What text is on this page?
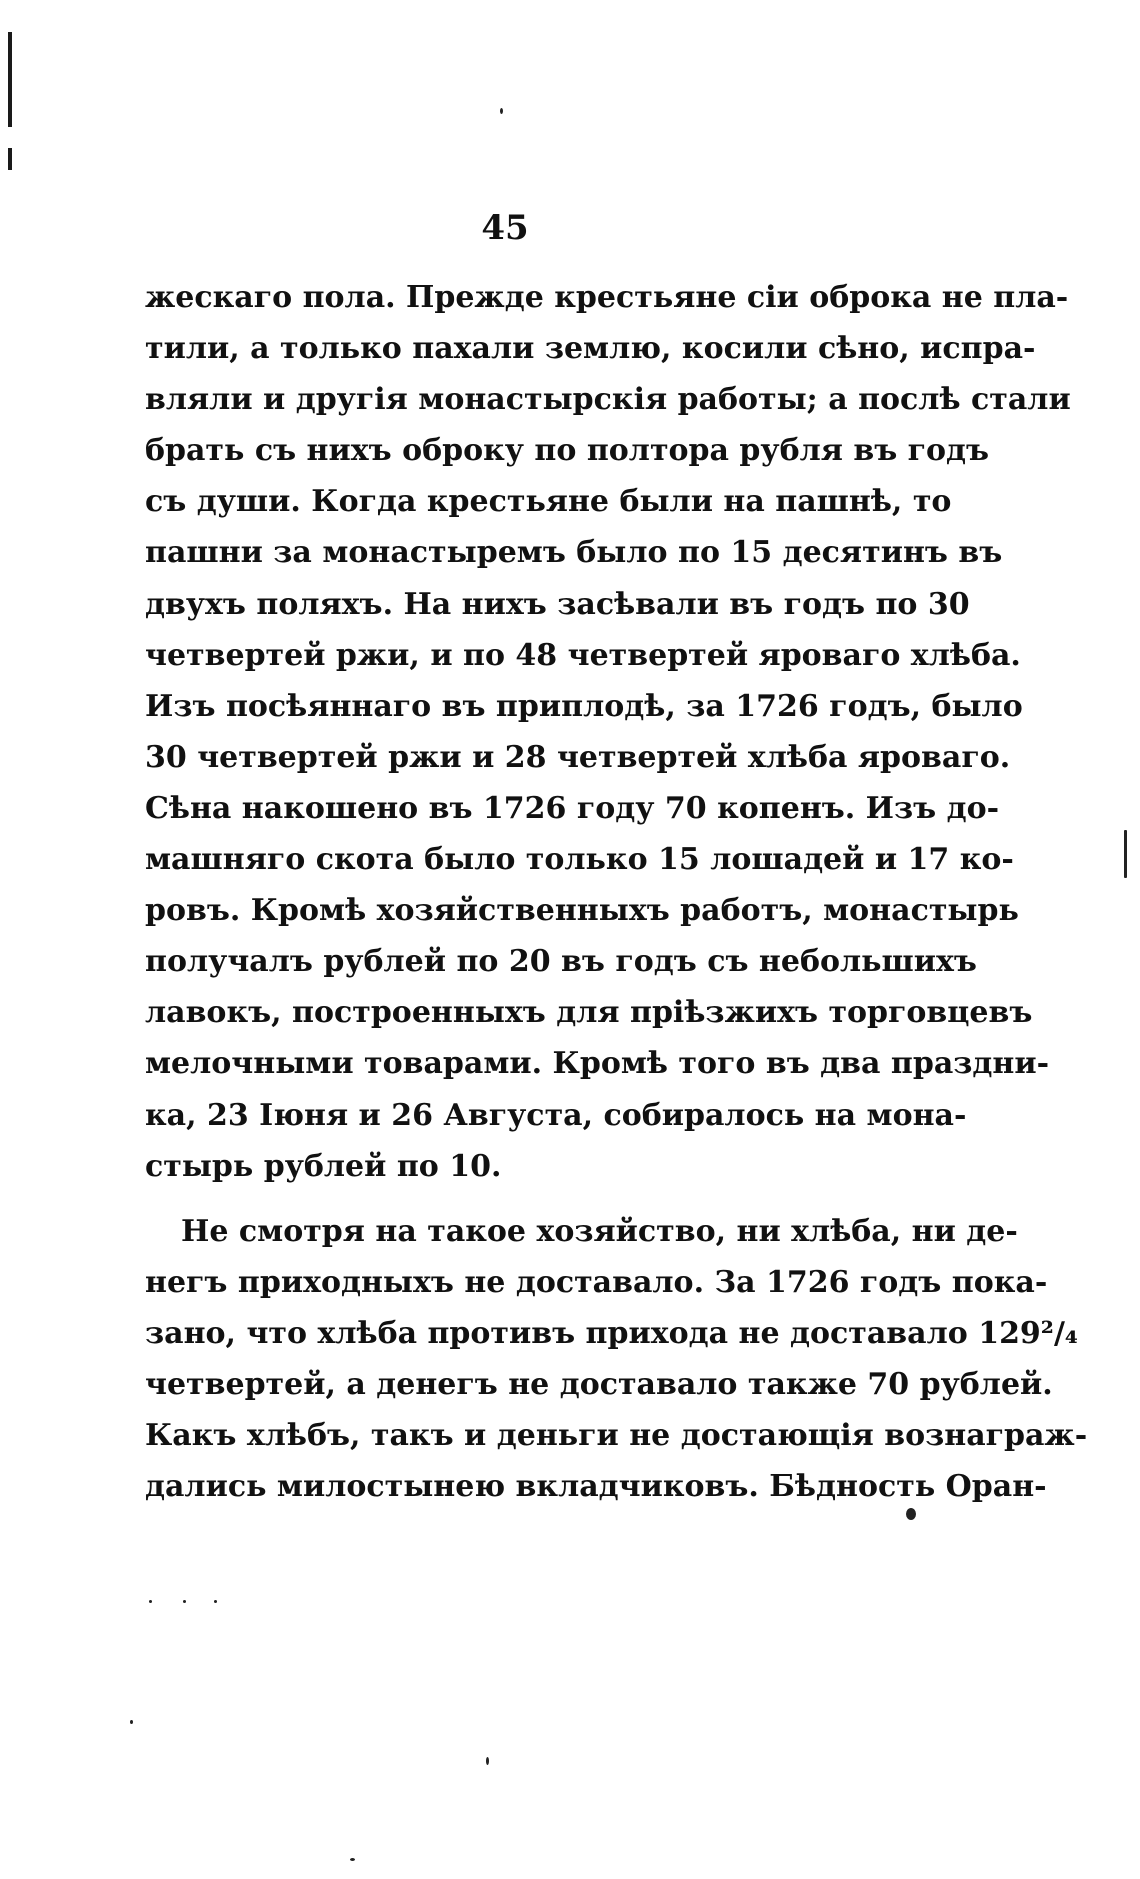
45
жескаго пола. Прежде крестьяне сіи оброка не пла-
тили, а только пахали землю, косили сѣно, испра-
вляли и другія монастырскія работы; а послѣ стали
брать съ нихъ оброку по полтора рубля въ годъ
съ души. Когда крестьяне были на пашнѣ, то
пашни за монастыремъ было по 15 десятинъ въ
двухъ поляхъ. На нихъ засѣвали въ годъ по 30
четвертей ржи, и по 48 четвертей яроваго хлѣба.
Изъ посѣяннаго въ приплодѣ, за 1726 годъ, было
30 четвертей ржи и 28 четвертей хлѣба яроваго.
Сѣна накошено въ 1726 году 70 копенъ. Изъ до-
машняго скота было только 15 лошадей и 17 ко-
ровъ. Кромѣ хозяйственныхъ работъ, монастырь
получалъ рублей по 20 въ годъ съ небольшихъ
лавокъ, построенныхъ для пріѣзжихъ торговцевъ
мелочными товарами. Кромѣ того въ два праздни-
ка, 23 Іюня и 26 Августа, собиралось на мона-
стырь рублей по 10.
Не смотря на такое хозяйство, ни хлѣба, ни де-
негъ приходныхъ не доставало. За 1726 годъ пока-
зано, что хлѣба противъ прихода не доставало 129²/₄
четвертей, а денегъ не доставало также 70 рублей.
Какъ хлѣбъ, такъ и деньги не достающія вознаграж-
дались милостынею вкладчиковъ. Бѣдность Оран-
